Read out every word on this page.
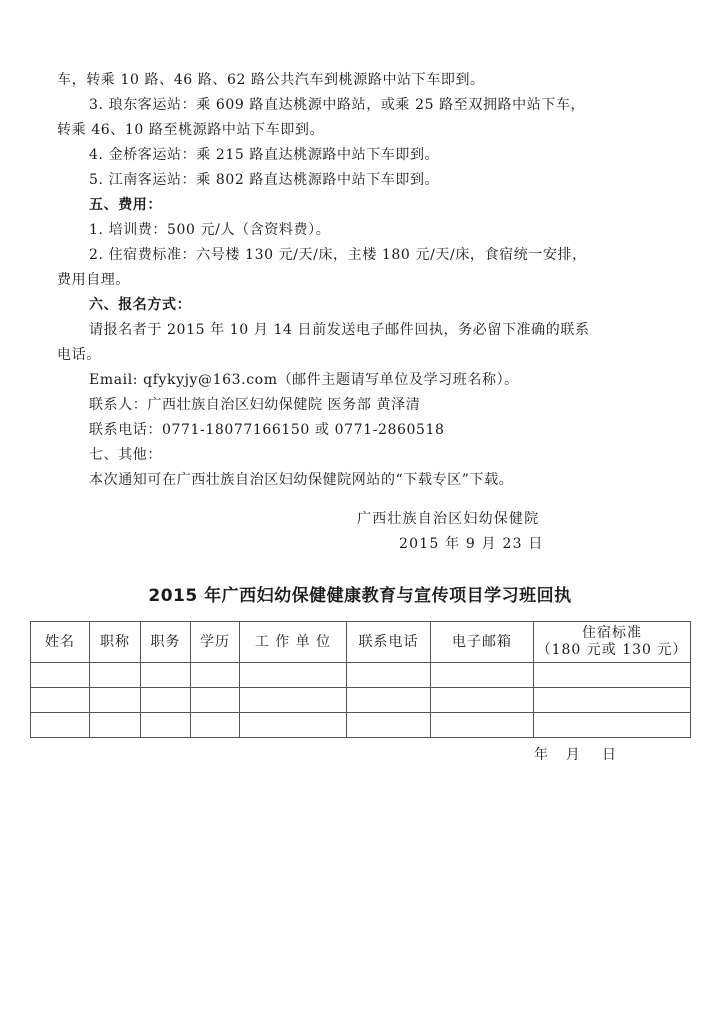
车，转乘 10 路、46 路、62 路公共汽车到桃源路中站下车即到。
3. 琅东客运站：乘 609 路直达桃源中路站，或乘 25 路至双拥路中站下车，
转乘 46、10 路至桃源路中站下车即到。
4. 金桥客运站：乘 215 路直达桃源路中站下车即到。
5. 江南客运站：乘 802 路直达桃源路中站下车即到。
五、费用：
1. 培训费：500 元/人（含资料费）。
2. 住宿费标准：六号楼 130 元/天/床，主楼 180 元/天/床，食宿统一安排，
费用自理。
六、报名方式：
请报名者于 2015 年 10 月 14 日前发送电子邮件回执，务必留下准确的联系
电话。
Email: qfykyjy@163.com（邮件主题请写单位及学习班名称）。
联系人：广西壮族自治区妇幼保健院 医务部 黄泽清
联系电话：0771-18077166150 或 0771-2860518
七、其他：
本次通知可在广西壮族自治区妇幼保健院网站的“下载专区”下载。
广西壮族自治区妇幼保健院
2015 年 9 月 23 日
2015 年广西妇幼保健健康教育与宣传项目学习班回执
姓名	职称	职务	学历	工 作 单 位	联系电话	电子邮箱	住宿标准
（180 元或 130 元）

年    月     日
